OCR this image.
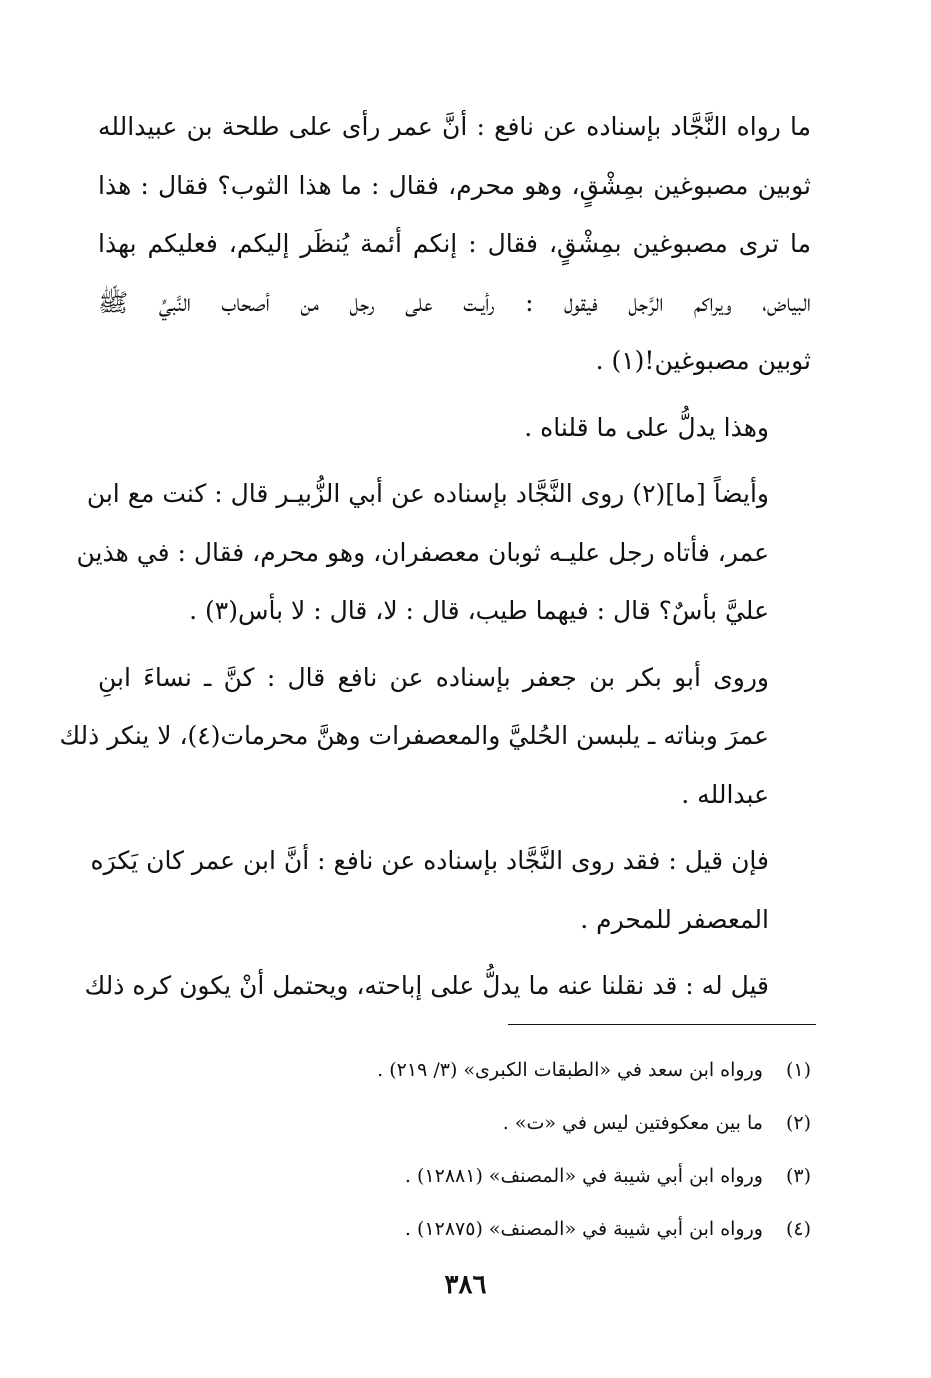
ما رواه النَّجَّاد بإسناده عن نافع : أنَّ عمر رأى على طلحة بن عبيدالله
ثوبين مصبوغين بمِشْقٍ، وهو محرم، فقال : ما هذا الثوب؟ فقال : هذا
ما ترى مصبوغين بمِشْقٍ، فقال : إنكم أئمة يُنظَر إليكم، فعليكم بهذا
البياض، ويراكم الرَّجل فيقول : رأيـت على رجل من أصحاب النَّبيِّ ﷺ
ثوبين مصبوغين!(١) .
وهذا يدلُّ على ما قلناه .
وأيضاً [ما](٢) روى النَّجَّاد بإسناده عن أبي الزُّبيـر قال : كنت مع ابن
عمر، فأتاه رجل عليـه ثوبان معصفران، وهو محرم، فقال : في هذين
عليَّ بأسٌ؟ قال : فيهما طيب، قال : لا، قال : لا بأس(٣) .
وروى أبو بكر بن جعفر بإسناده عن نافع قال : كنَّ ـ نساءَ ابنِ
عمرَ وبناته ـ يلبسن الحُليَّ والمعصفرات وهنَّ محرمات(٤)، لا ينكر ذلك
عبدالله .
فإن قيل : فقد روى النَّجَّاد بإسناده عن نافع : أنَّ ابن عمر كان يَكرَه
المعصفر للمحرم .
قيل له : قد نقلنا عنه ما يدلُّ على إباحته، ويحتمل أنْ يكون كره ذلك
(١) ورواه ابن سعد في «الطبقات الكبرى» (٣/ ٢١٩) .
(٢) ما بين معكوفتين ليس في «ت» .
(٣) ورواه ابن أبي شيبة في «المصنف» (١٢٨٨١) .
(٤) ورواه ابن أبي شيبة في «المصنف» (١٢٨٧٥) .
٣٨٦
